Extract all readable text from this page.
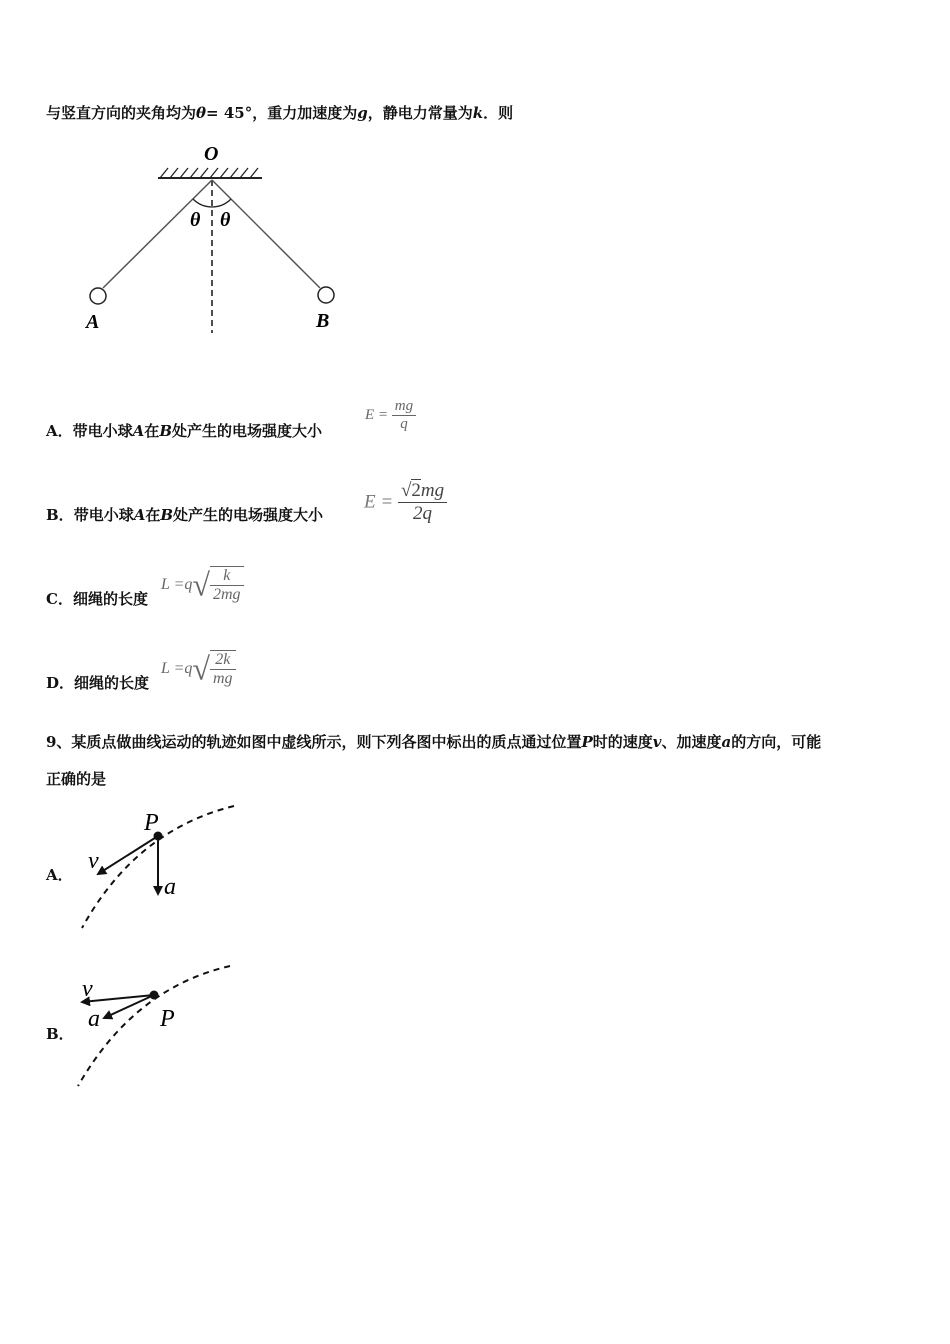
与竖直方向的夹角均为θ= 45°，重力加速度为g，静电力常量为k．则
O
θ θ
A	B
A．带电小球A在B处产生的电场强度大小
$E = \frac{mg}{q}$
B．带电小球A在B处产生的电场强度大小
$E = \frac{√2mg}{2q}$
C．细绳的长度
$L =q√ \frac{k}{2mg}$
D．细绳的长度
$L =q√ \frac{2k}{mg}$
9、某质点做曲线运动的轨迹如图中虚线所示，则下列各图中标出的质点通过位置P时的速度v、加速度a的方向，可能
正确的是
A．
P
v
a
B．
v
a	P
